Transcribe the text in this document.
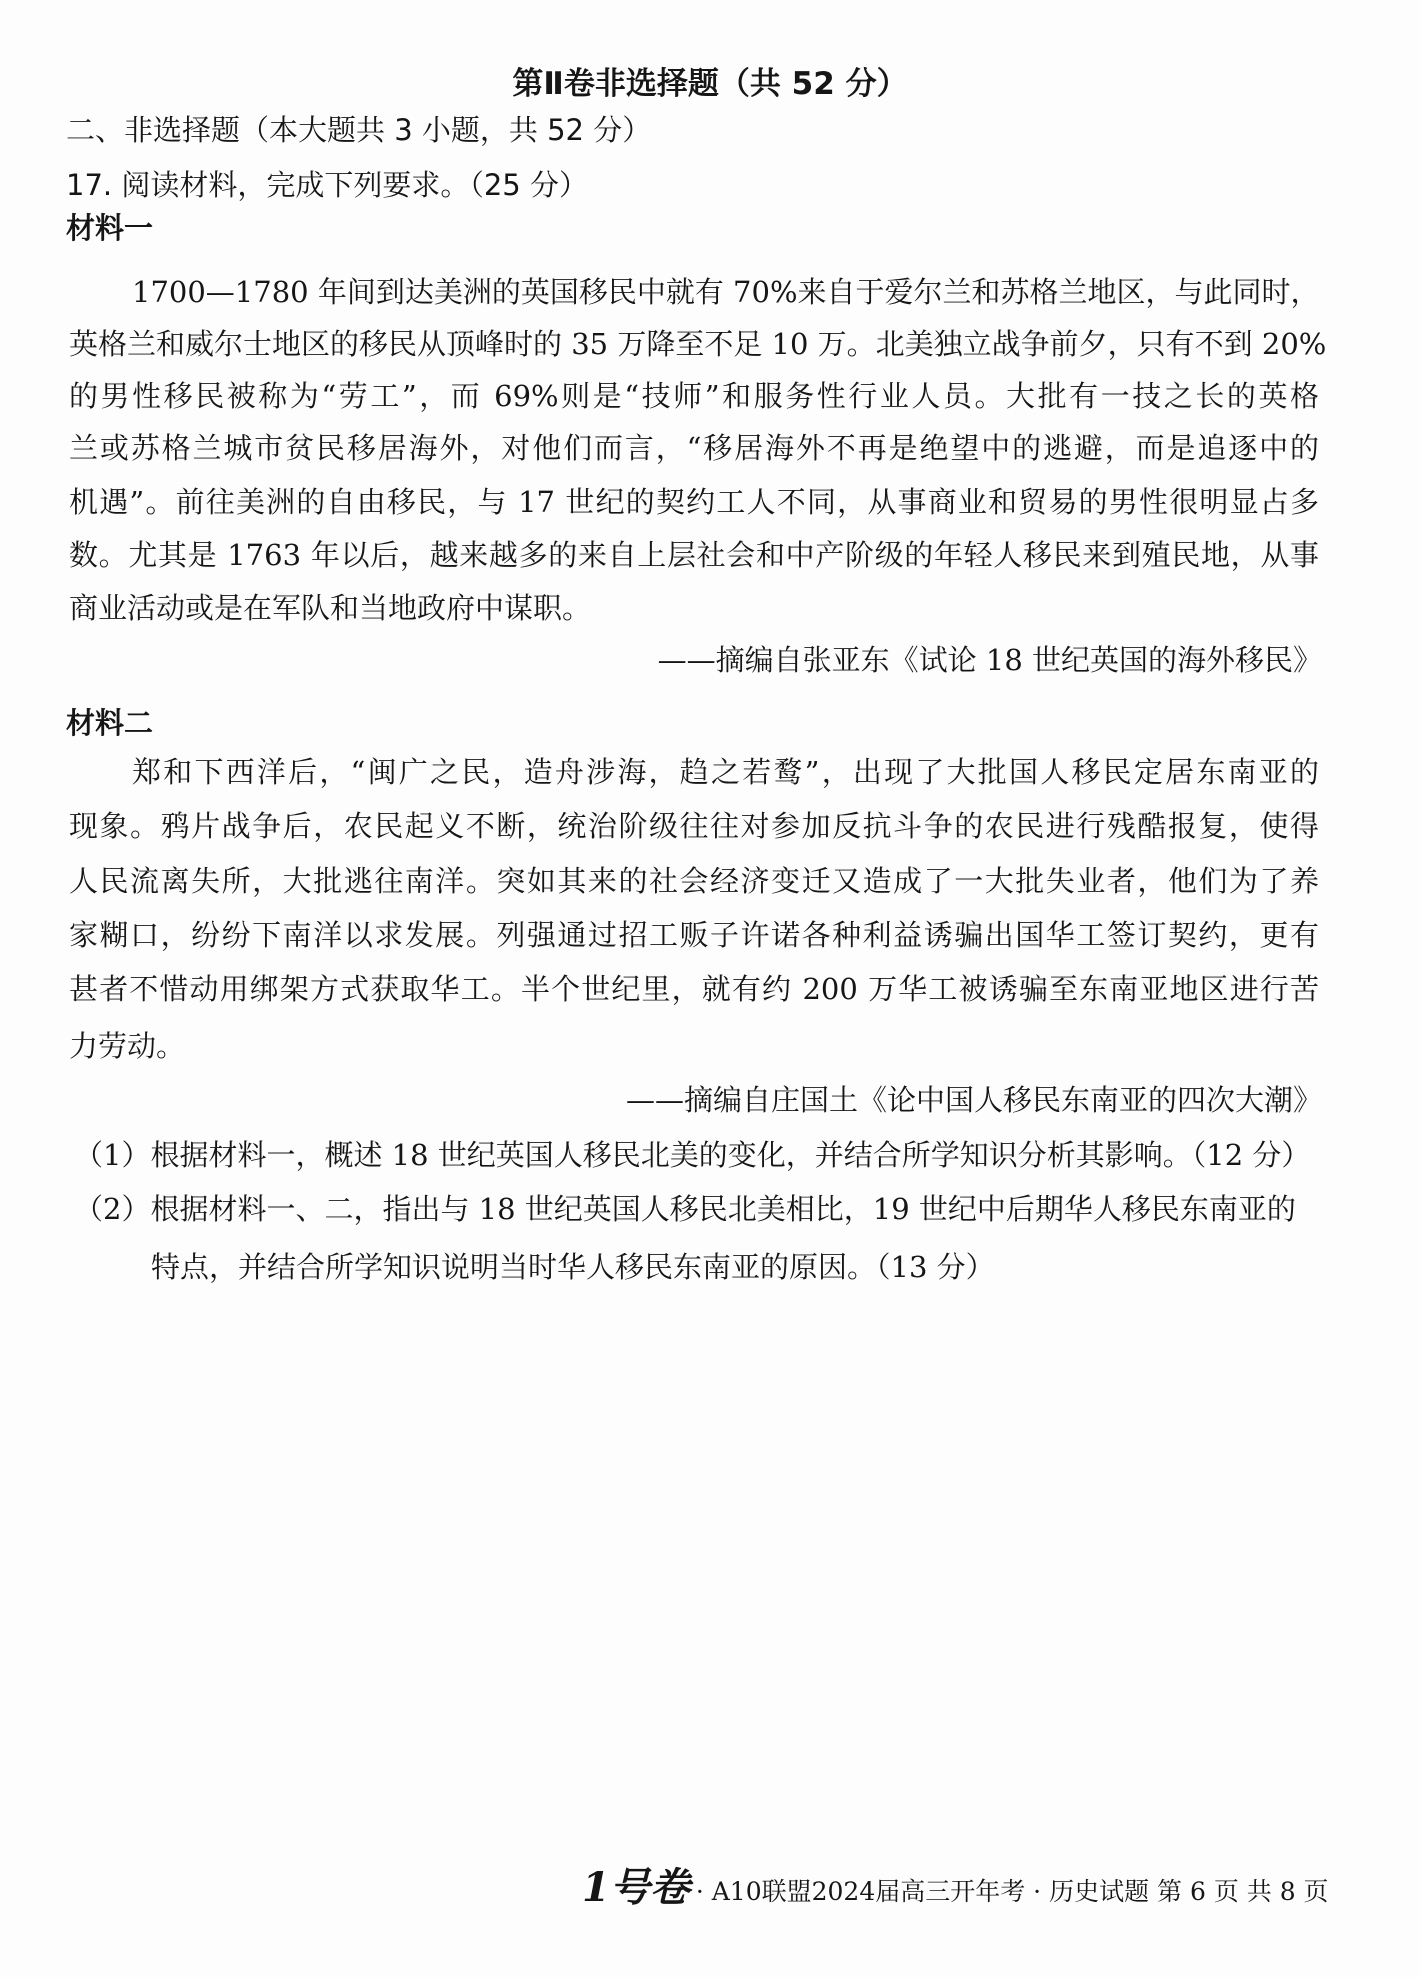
第Ⅱ卷非选择题（共 52 分）
二、非选择题（本大题共 3 小题，共 52 分）
17. 阅读材料，完成下列要求。（25 分）
材料一
1700—1780 年间到达美洲的英国移民中就有 70%来自于爱尔兰和苏格兰地区，与此同时，
英格兰和威尔士地区的移民从顶峰时的 35 万降至不足 10 万。北美独立战争前夕，只有不到 20%
的男性移民被称为“劳工”，而 69%则是“技师”和服务性行业人员。大批有一技之长的英格
兰或苏格兰城市贫民移居海外，对他们而言，“移居海外不再是绝望中的逃避，而是追逐中的
机遇”。前往美洲的自由移民，与 17 世纪的契约工人不同，从事商业和贸易的男性很明显占多
数。尤其是 1763 年以后，越来越多的来自上层社会和中产阶级的年轻人移民来到殖民地，从事
商业活动或是在军队和当地政府中谋职。
——摘编自张亚东《试论 18 世纪英国的海外移民》
材料二
郑和下西洋后，“闽广之民，造舟涉海，趋之若鹜”，出现了大批国人移民定居东南亚的
现象。鸦片战争后，农民起义不断，统治阶级往往对参加反抗斗争的农民进行残酷报复，使得
人民流离失所，大批逃往南洋。突如其来的社会经济变迁又造成了一大批失业者，他们为了养
家糊口，纷纷下南洋以求发展。列强通过招工贩子许诺各种利益诱骗出国华工签订契约，更有
甚者不惜动用绑架方式获取华工。半个世纪里，就有约 200 万华工被诱骗至东南亚地区进行苦
力劳动。
——摘编自庄国土《论中国人移民东南亚的四次大潮》
（1）根据材料一，概述 18 世纪英国人移民北美的变化，并结合所学知识分析其影响。（12 分）
（2）根据材料一、二，指出与 18 世纪英国人移民北美相比，19 世纪中后期华人移民东南亚的
特点，并结合所学知识说明当时华人移民东南亚的原因。（13 分）
1号卷 · A10联盟2024届高三开年考 · 历史试题 第 6 页 共 8 页
